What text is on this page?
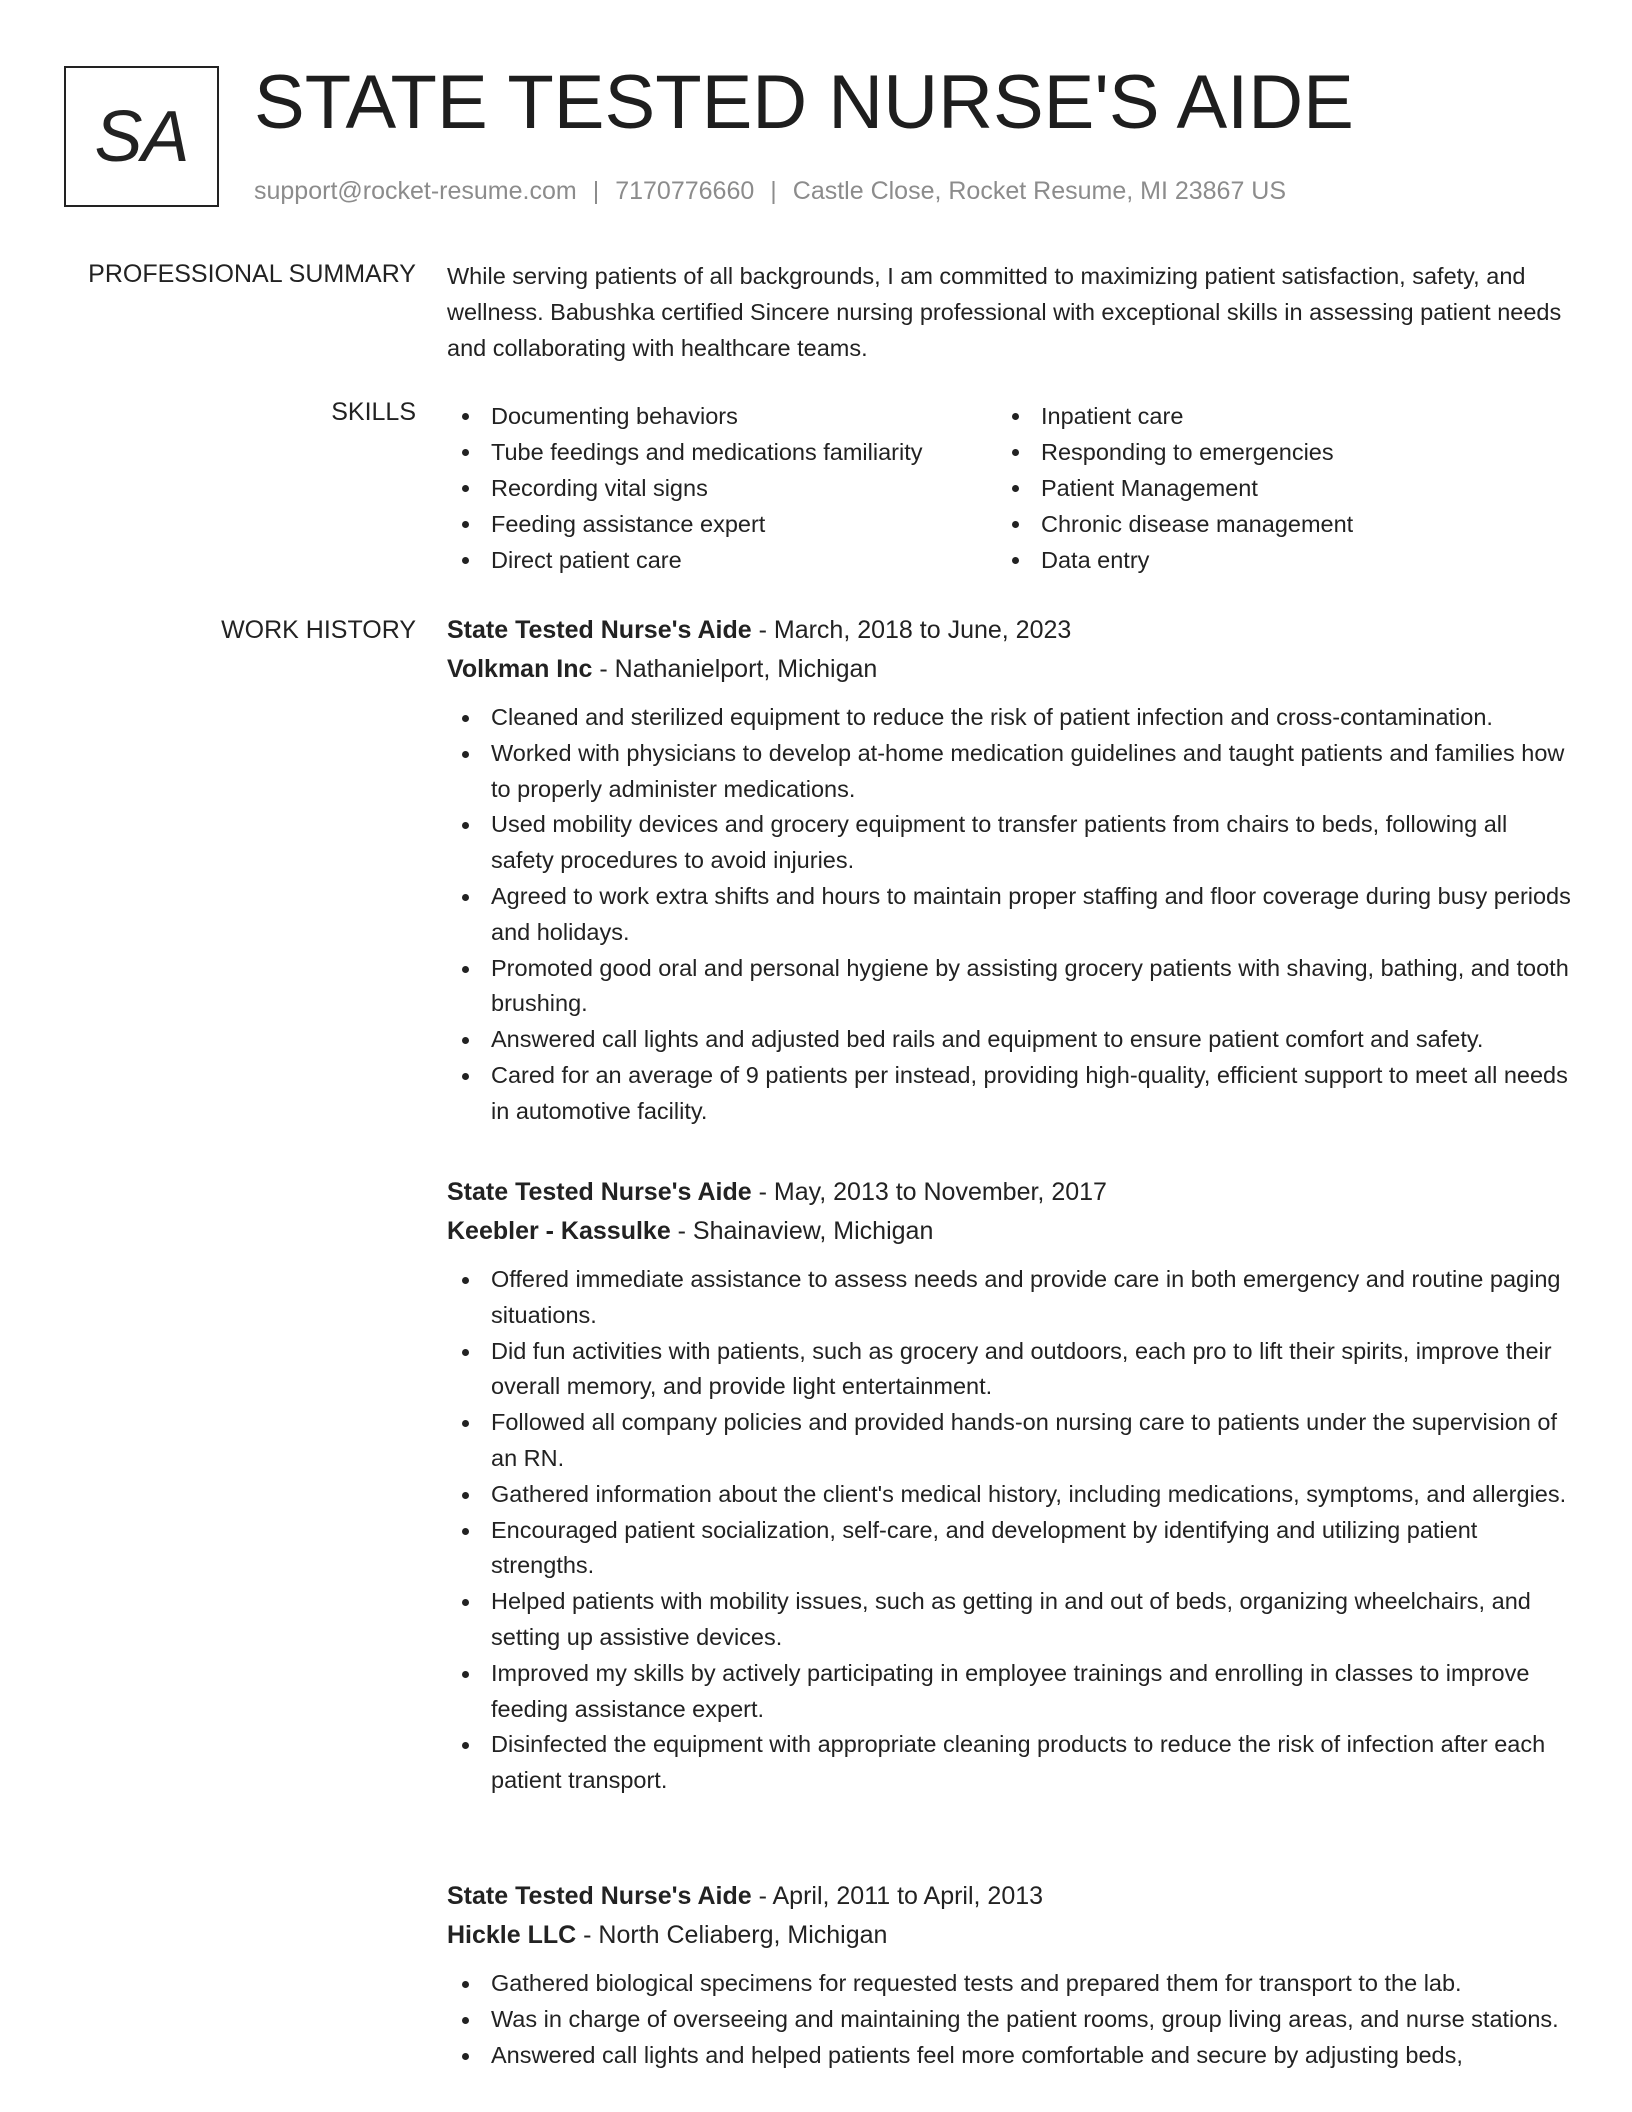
SA STATE TESTED NURSE'S AIDE
support@rocket-resume.com | 7170776660 | Castle Close, Rocket Resume, MI 23867 US
PROFESSIONAL SUMMARY While serving patients of all backgrounds, I am committed to maximizing patient satisfaction, safety, and wellness. Babushka certified Sincere nursing professional with exceptional skills in assessing patient needs and collaborating with healthcare teams.

SKILLS	Documenting behaviors
Tube feedings and medications familiarity
Recording vital signs
Feeding assistance expert
Direct patient care
Inpatient care
Responding to emergencies
Patient Management
Chronic disease management
Data entry
WORK HISTORY State Tested Nurse's Aide - March, 2018 to June, 2023
Volkman Inc - Nathanielport, Michigan
Cleaned and sterilized equipment to reduce the risk of patient infection and cross-contamination.
Worked with physicians to develop at-home medication guidelines and taught patients and families how to properly administer medications.
Used mobility devices and grocery equipment to transfer patients from chairs to beds, following all safety procedures to avoid injuries.
Agreed to work extra shifts and hours to maintain proper staffing and floor coverage during busy periods and holidays.
Promoted good oral and personal hygiene by assisting grocery patients with shaving, bathing, and tooth brushing.
Answered call lights and adjusted bed rails and equipment to ensure patient comfort and safety.
Cared for an average of 9 patients per instead, providing high-quality, efficient support to meet all needs in automotive facility.
State Tested Nurse's Aide - May, 2013 to November, 2017
Keebler - Kassulke - Shainaview, Michigan
Offered immediate assistance to assess needs and provide care in both emergency and routine paging situations.
Did fun activities with patients, such as grocery and outdoors, each pro to lift their spirits, improve their overall memory, and provide light entertainment.
Followed all company policies and provided hands-on nursing care to patients under the supervision of an RN.
Gathered information about the client's medical history, including medications, symptoms, and allergies.
Encouraged patient socialization, self-care, and development by identifying and utilizing patient strengths.
Helped patients with mobility issues, such as getting in and out of beds, organizing wheelchairs, and setting up assistive devices.
Improved my skills by actively participating in employee trainings and enrolling in classes to improve feeding assistance expert.
Disinfected the equipment with appropriate cleaning products to reduce the risk of infection after each patient transport.
State Tested Nurse's Aide - April, 2011 to April, 2013
Hickle LLC - North Celiaberg, Michigan
Gathered biological specimens for requested tests and prepared them for transport to the lab.
Was in charge of overseeing and maintaining the patient rooms, group living areas, and nurse stations.
Answered call lights and helped patients feel more comfortable and secure by adjusting beds,
